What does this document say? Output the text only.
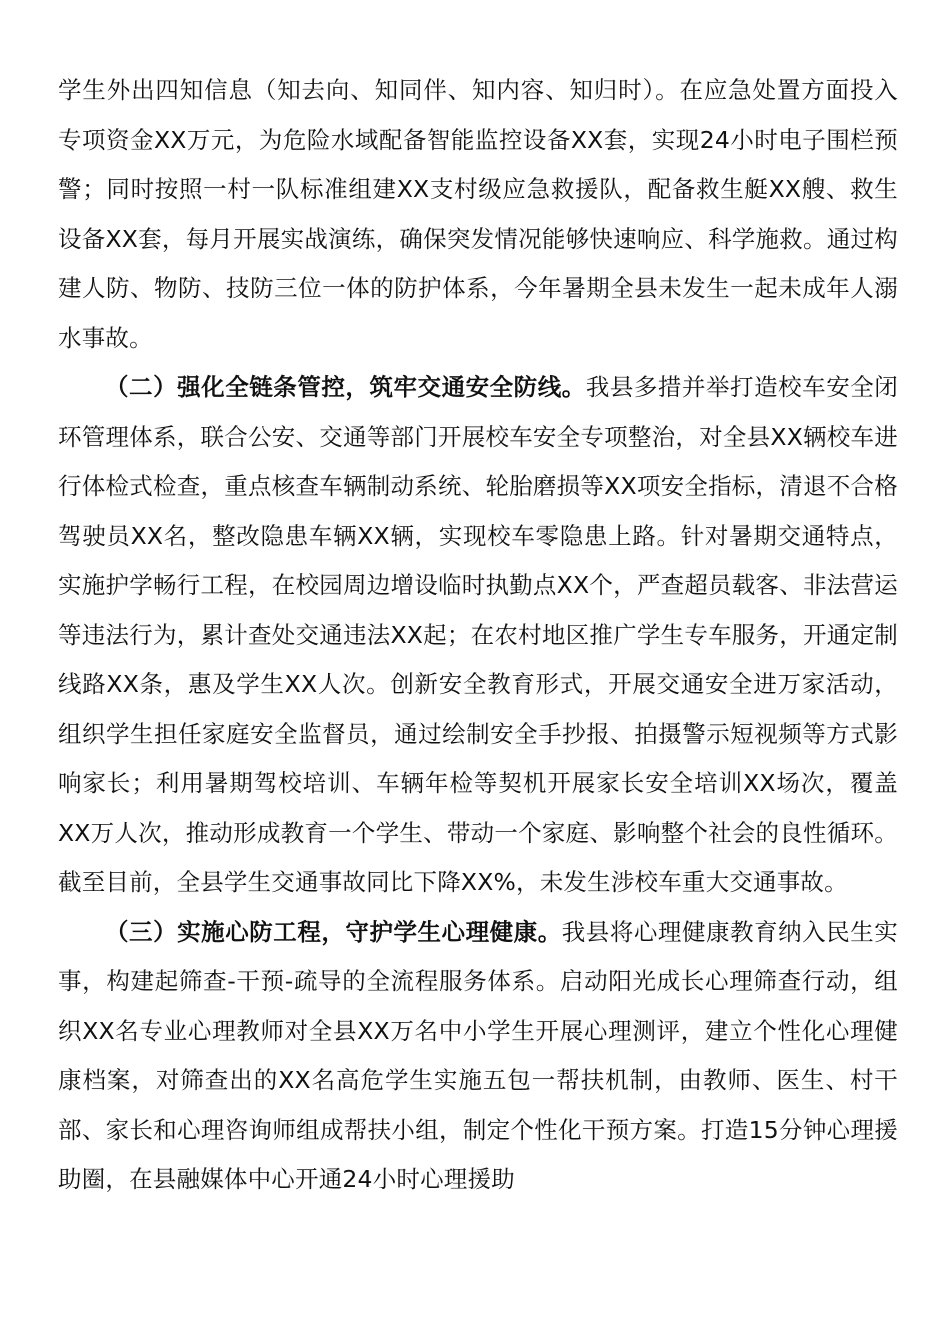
学生外出四知信息（知去向、知同伴、知内容、知归时）。在应急处置方面投入专项资金XX万元，为危险水域配备智能监控设备XX套，实现24小时电子围栏预警；同时按照一村一队标准组建XX支村级应急救援队，配备救生艇XX艘、救生设备XX套，每月开展实战演练，确保突发情况能够快速响应、科学施救。通过构建人防、物防、技防三位一体的防护体系，今年暑期全县未发生一起未成年人溺水事故。

（二）强化全链条管控，筑牢交通安全防线。我县多措并举打造校车安全闭环管理体系，联合公安、交通等部门开展校车安全专项整治，对全县XX辆校车进行体检式检查，重点核查车辆制动系统、轮胎磨损等XX项安全指标，清退不合格驾驶员XX名，整改隐患车辆XX辆，实现校车零隐患上路。针对暑期交通特点，实施护学畅行工程，在校园周边增设临时执勤点XX个，严查超员载客、非法营运等违法行为，累计查处交通违法XX起；在农村地区推广学生专车服务，开通定制线路XX条，惠及学生XX人次。创新安全教育形式，开展交通安全进万家活动，组织学生担任家庭安全监督员，通过绘制安全手抄报、拍摄警示短视频等方式影响家长；利用暑期驾校培训、车辆年检等契机开展家长安全培训XX场次，覆盖XX万人次，推动形成教育一个学生、带动一个家庭、影响整个社会的良性循环。截至目前，全县学生交通事故同比下降XX%，未发生涉校车重大交通事故。

（三）实施心防工程，守护学生心理健康。我县将心理健康教育纳入民生实事，构建起筛查-干预-疏导的全流程服务体系。启动阳光成长心理筛查行动，组织XX名专业心理教师对全县XX万名中小学生开展心理测评，建立个性化心理健康档案，对筛查出的XX名高危学生实施五包一帮扶机制，由教师、医生、村干部、家长和心理咨询师组成帮扶小组，制定个性化干预方案。打造15分钟心理援助圈，在县融媒体中心开通24小时心理援助
